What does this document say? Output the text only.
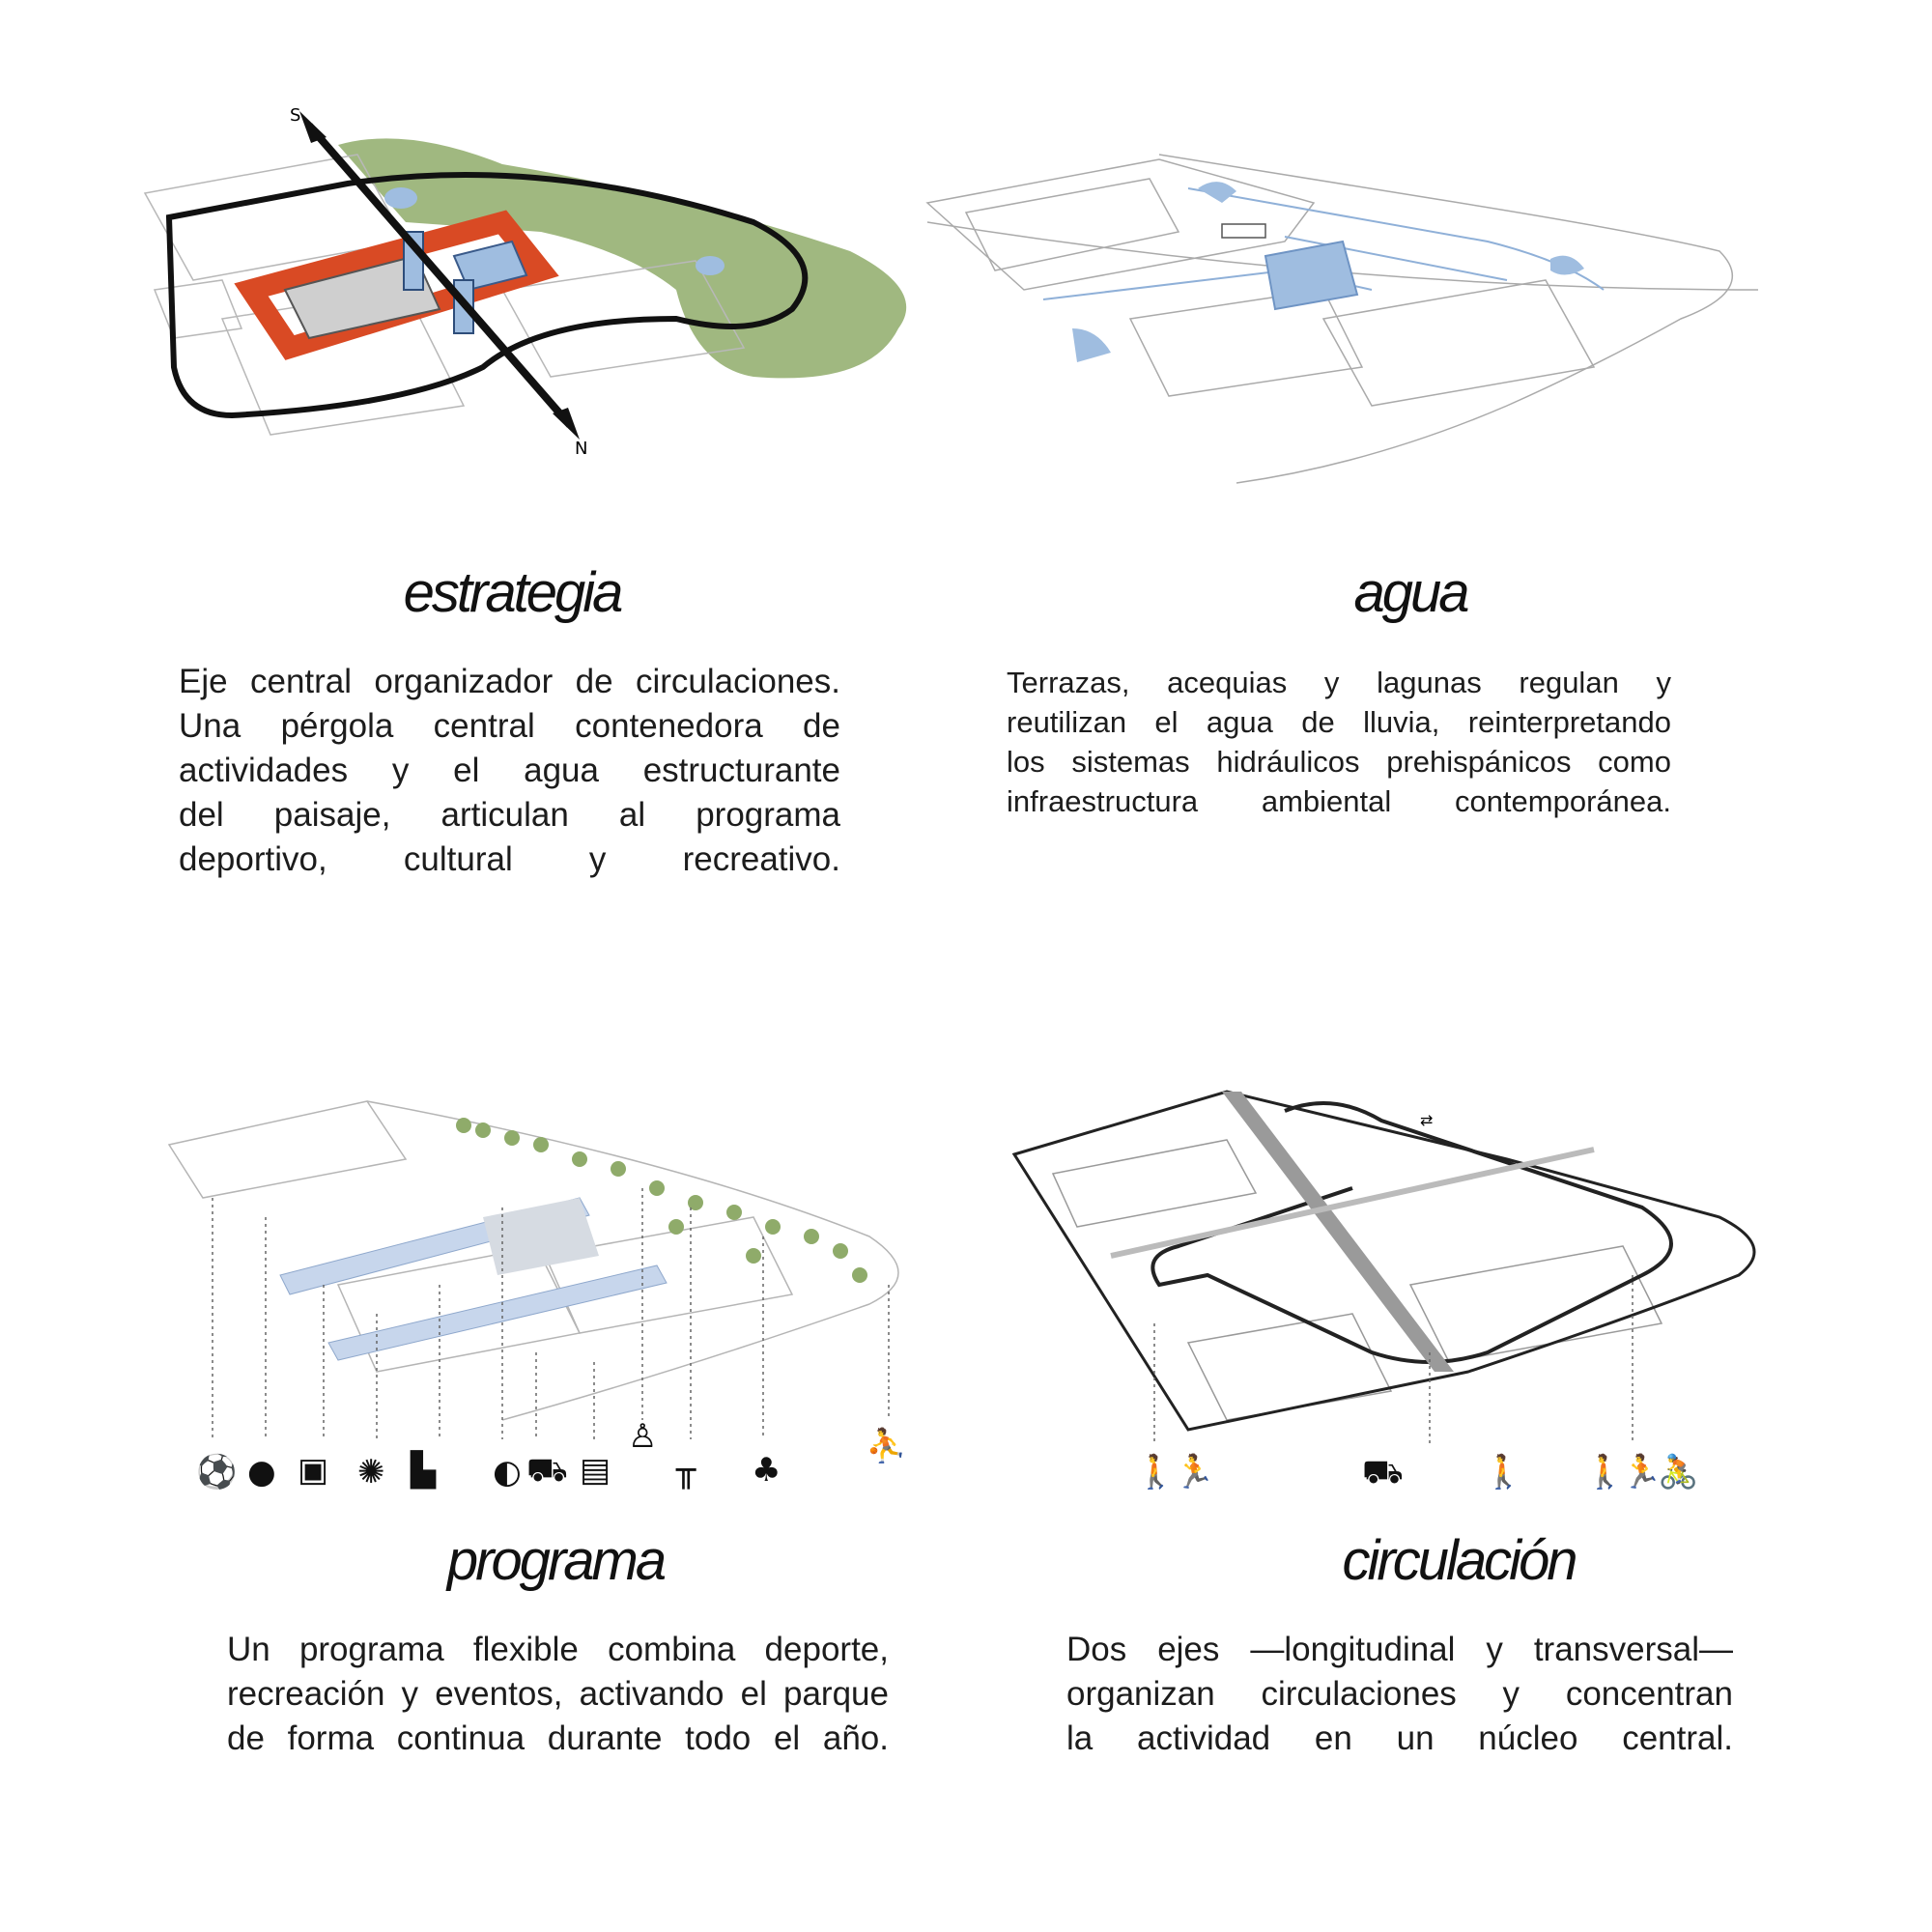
S
N
estrategia
Eje central organizador de circulaciones.
Una pérgola central contenedora de
actividades y el agua estructurante
del paisaje, articulan al programa
deportivo, cultural y recreativo.
agua
Terrazas, acequias y lagunas regulan y
reutilizan el agua de lluvia, reinterpretando
los sistemas hidráulicos prehispánicos como
infraestructura ambiental contemporánea.
⚽ ● ▣ ✺ ▙ ◐ ⛟ ▤
♙
╥ ♣
⛹
programa
Un programa flexible combina deporte,
recreación y eventos, activando el parque
de forma continua durante todo el año.
⇄
🚶
🏃	⛟ 🚶 🚶
🏃
🚴
circulación
Dos ejes —longitudinal y transversal—
organizan circulaciones y concentran
la actividad en un núcleo central.
